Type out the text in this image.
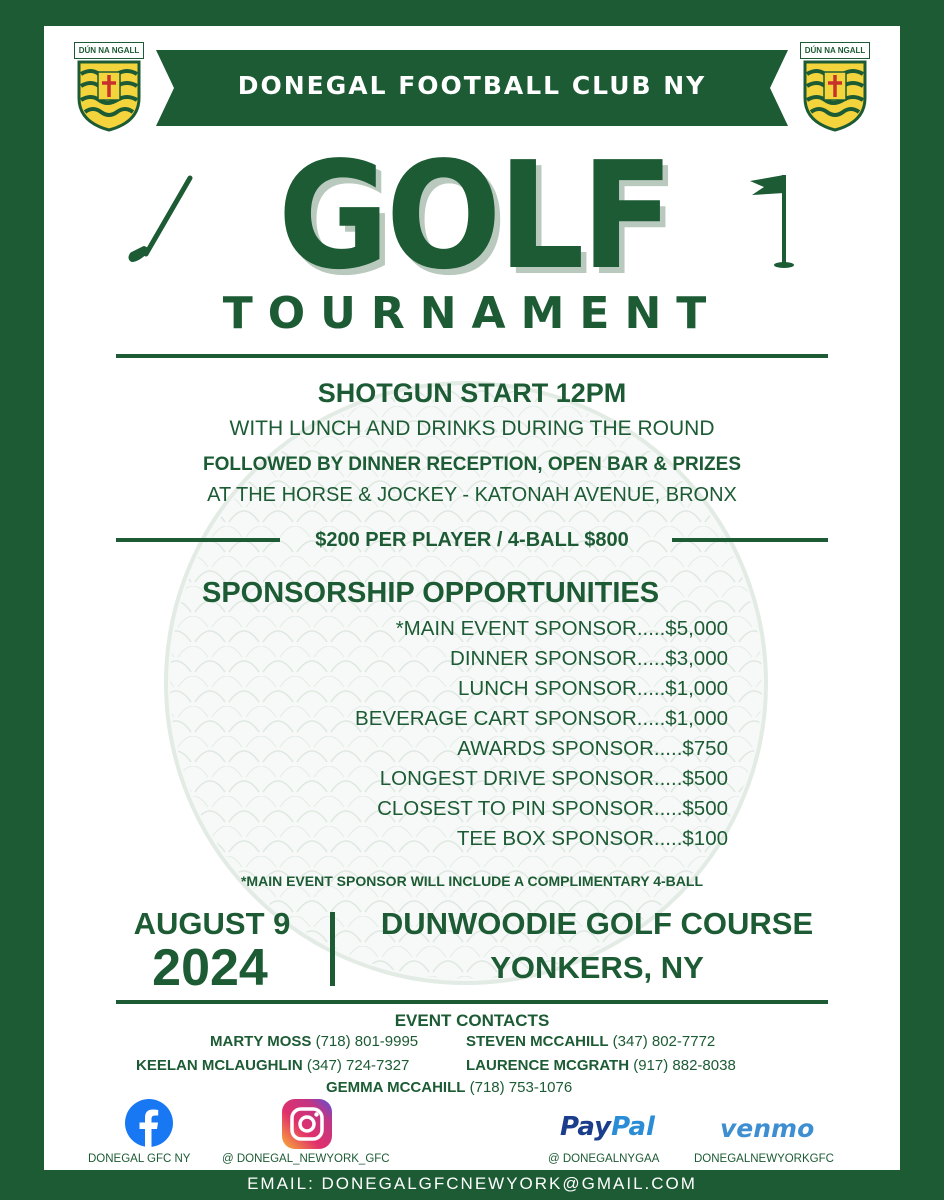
DÚN NA NGALL	DÚN NA NGALL
DONEGAL FOOTBALL CLUB NY
GOLF
TOURNAMENT
SHOTGUN START 12PM
WITH LUNCH AND DRINKS DURING THE ROUND
FOLLOWED BY DINNER RECEPTION, OPEN BAR & PRIZES
AT THE HORSE & JOCKEY - KATONAH AVENUE, BRONX
$200 PER PLAYER / 4-BALL $800
SPONSORSHIP OPPORTUNITIES
*MAIN EVENT SPONSOR.....$5,000
DINNER SPONSOR.....$3,000
LUNCH SPONSOR.....$1,000
BEVERAGE CART SPONSOR.....$1,000
AWARDS SPONSOR.....$750
LONGEST DRIVE SPONSOR.....$500
CLOSEST TO PIN SPONSOR.....$500
TEE BOX SPONSOR.....$100
*MAIN EVENT SPONSOR WILL INCLUDE A COMPLIMENTARY 4-BALL
AUGUST 9
2024
DUNWOODIE GOLF COURSE
YONKERS, NY
EVENT CONTACTS
MARTY MOSS (718) 801-9995	STEVEN MCCAHILL (347) 802-7772
KEELAN MCLAUGHLIN (347) 724-7327	LAURENCE MCGRATH (917) 882-8038
GEMMA MCCAHILL (718) 753-1076
DONEGAL GFC NY	@ DONEGAL_NEWYORK_GFC
PayPal
@ DONEGALNYGAA
venmo
DONEGALNEWYORKGFC
EMAIL: DONEGALGFCNEWYORK@GMAIL.COM
